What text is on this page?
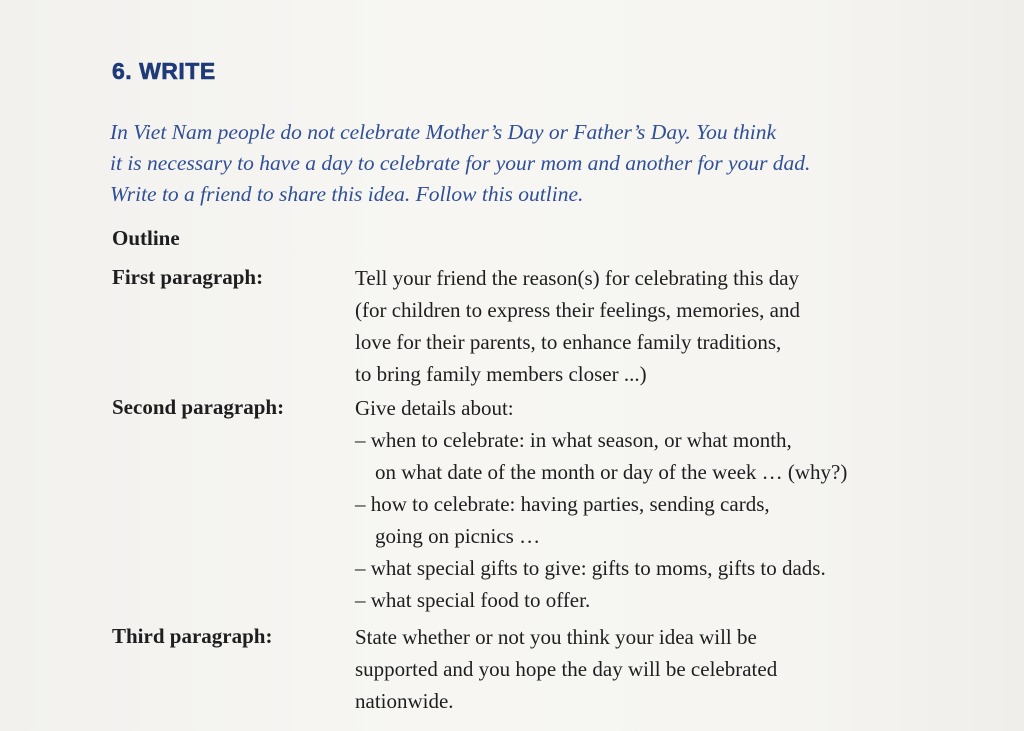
6. WRITE
In Viet Nam people do not celebrate Mother’s Day or Father’s Day. You think
it is necessary to have a day to celebrate for your mom and another for your dad.
Write to a friend to share this idea. Follow this outline.
Outline
First paragraph:	Tell your friend the reason(s) for celebrating this day
(for children to express their feelings, memories, and
love for their parents, to enhance family traditions,
to bring family members closer ...)
Second paragraph:	Give details about:
– when to celebrate: in what season, or what month,
on what date of the month or day of the week … (why?)
– how to celebrate: having parties, sending cards,
going on picnics …
– what special gifts to give: gifts to moms, gifts to dads.
– what special food to offer.
Third paragraph:	State whether or not you think your idea will be
supported and you hope the day will be celebrated
nationwide.
